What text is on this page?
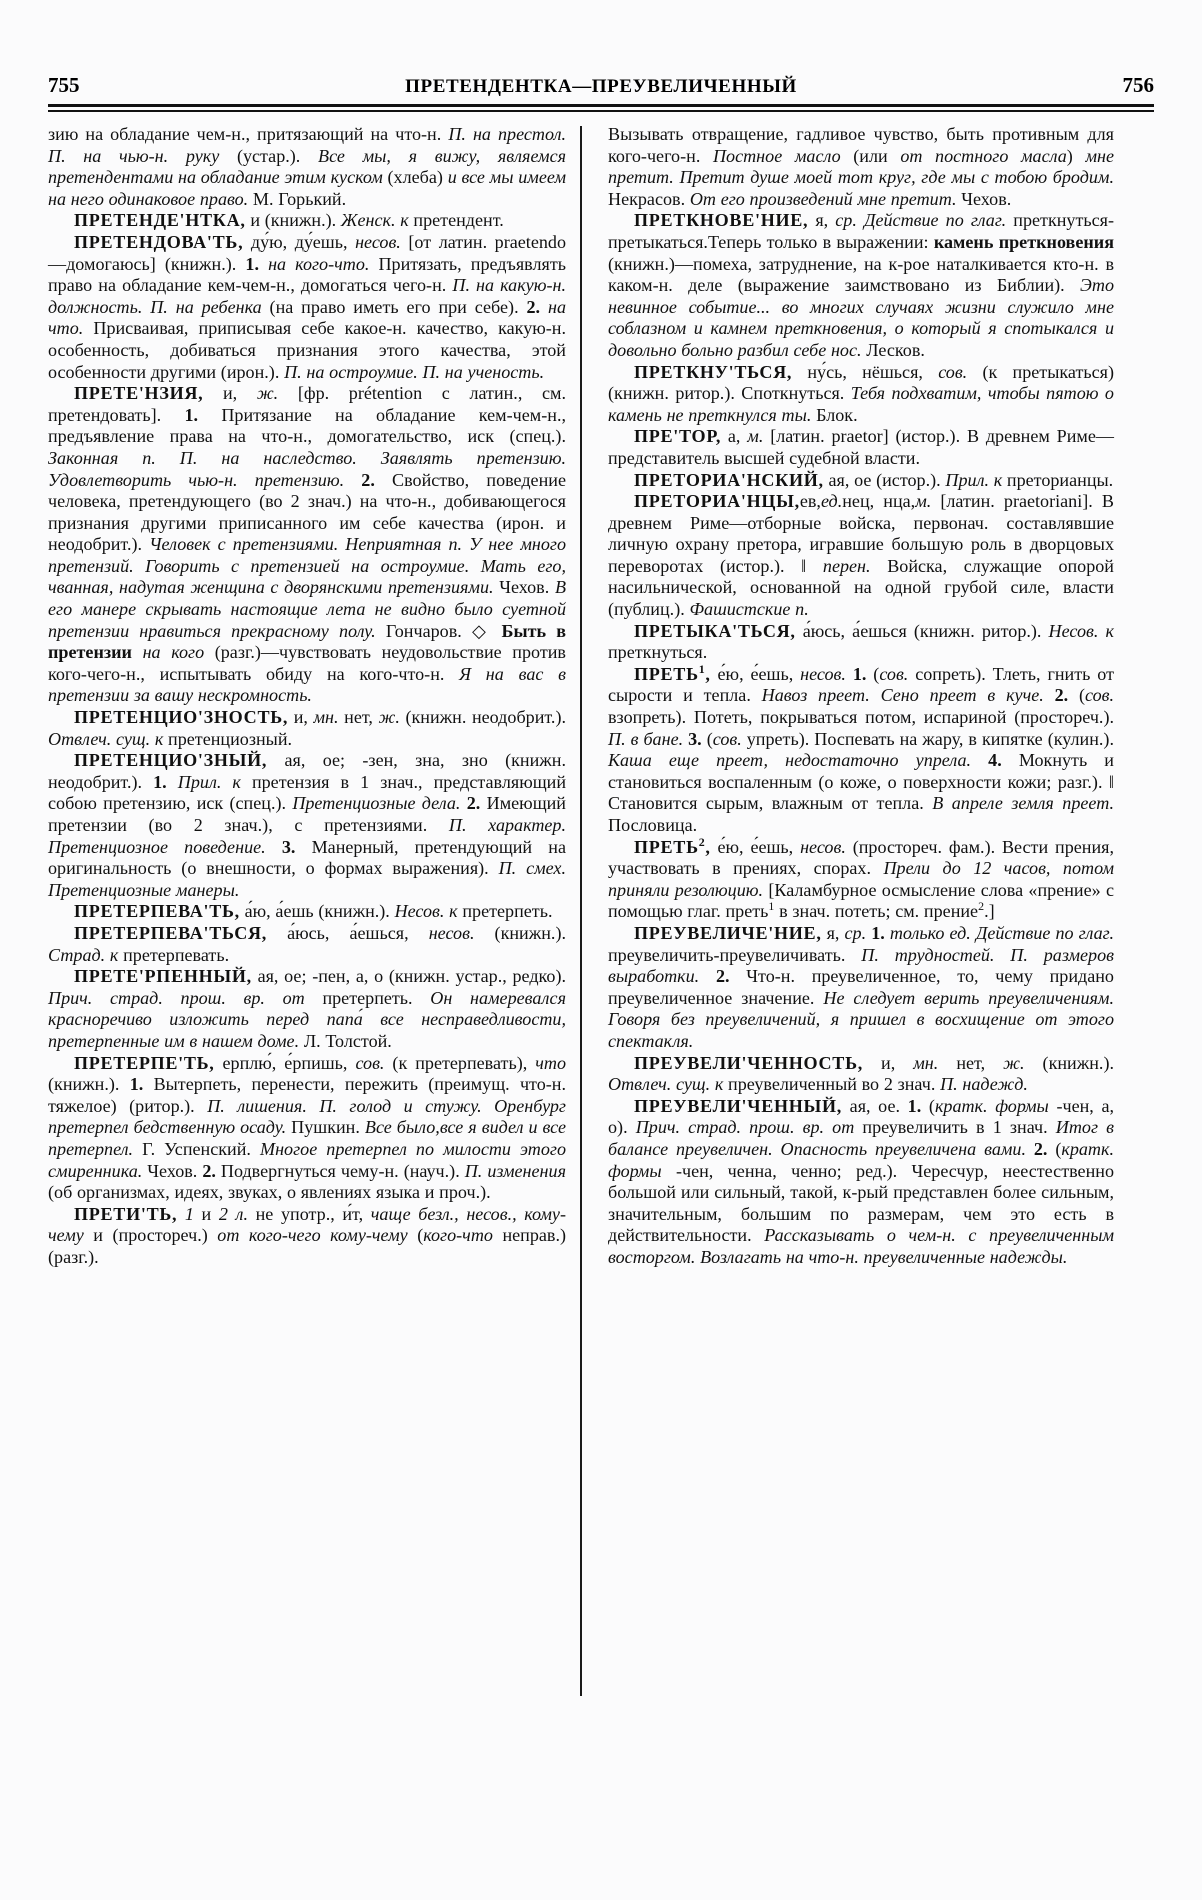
755	ПРЕТЕНДЕНТКА—ПРЕУВЕЛИЧЕННЫЙ	756

зию на обладание чем-н., притязающий на что-н. П. на престол. П. на чью-н. руку (устар.). Все мы, я вижу, являемся претендентами на обладание этим куском (хлеба) и все мы имеем на него одинаковое право. М. Горький.

ПРЕТЕНДЕ'НТКА, и (книжн.). Женск. к претендент.

ПРЕТЕНДОВА'ТЬ, ду́ю, ду́ешь, несов. [от латин. praetendo—домогаюсь] (книжн.). 1. на кого-что. Притязать, предъявлять право на обладание кем-чем-н., домогаться чего-н. П. на какую-н. должность. П. на ребенка (на право иметь его при себе). 2. на что. Присваивая, приписывая себе какое-н. качество, какую-н. особенность, добиваться признания этого качества, этой особенности другими (ирон.). П. на остроумие. П. на ученость.

ПРЕТЕ'НЗИЯ, и, ж. [фр. prétention с латин., см. претендовать]. 1. Притязание на обладание кем-чем-н., предъявление права на что-н., домогательство, иск (спец.). Законная п. П. на наследство. Заявлять претензию. Удовлетворить чью-н. претензию. 2. Свойство, поведение человека, претендующего (во 2 знач.) на что-н., добивающегося признания другими приписанного им себе качества (ирон. и неодобрит.). Человек с претензиями. Неприятная п. У нее много претензий. Говорить с претензией на остроумие. Мать его, чванная, надутая женщина с дворянскими претензиями. Чехов. В его манере скрывать настоящие лета не видно было суетной претензии нравиться прекрасному полу. Гончаров. ◇ Быть в претензии на кого (разг.)—чувствовать неудовольствие против кого-чего-н., испытывать обиду на кого-что-н. Я на вас в претензии за вашу нескромность.

ПРЕТЕНЦИО'ЗНОСТЬ, и, мн. нет, ж. (книжн. неодобрит.). Отвлеч. сущ. к претенциозный.

ПРЕТЕНЦИО'ЗНЫЙ, ая, ое; -зен, зна, зно (книжн. неодобрит.). 1. Прил. к претензия в 1 знач., представляющий собою претензию, иск (спец.). Претенциозные дела. 2. Имеющий претензии (во 2 знач.), с претензиями. П. характер. Претенциозное поведение. 3. Манерный, претендующий на оригинальность (о внешности, о формах выражения). П. смех. Претенциозные манеры.

ПРЕТЕРПЕВА'ТЬ, а́ю, а́ешь (книжн.). Несов. к претерпеть.

ПРЕТЕРПЕВА'ТЬСЯ, а́юсь, а́ешься, несов. (книжн.). Страд. к претерпевать.

ПРЕТЕ'РПЕННЫЙ, ая, ое; -пен, а, о (книжн. устар., редко). Прич. страд. прош. вр. от претерпеть. Он намеревался красноречиво изложить перед папа́ все несправедливости, претерпенные им в нашем доме. Л. Толстой.

ПРЕТЕРПЕ'ТЬ, ерплю́, е́рпишь, сов. (к претерпевать), что (книжн.). 1. Вытерпеть, перенести, пережить (преимущ. что-н. тяжелое) (ритор.). П. лишения. П. голод и стужу. Оренбург претерпел бедственную осаду. Пушкин. Все было,все я видел и все претерпел. Г. Успенский. Многое претерпел по милости этого смиренника. Чехов. 2. Подвергнуться чему-н. (науч.). П. изменения (об организмах, идеях, звуках, о явлениях языка и проч.).

ПРЕТИ'ТЬ, 1 и 2 л. не употр., и́т, чаще безл., несов., кому-чему и (простореч.) от кого-чего кому-чему (кого-что неправ.) (разг.).

Вызывать отвращение, гадливое чувство, быть противным для кого-чего-н. Постное масло (или от постного масла) мне претит. Претит душе моей тот круг, где мы с тобою бродим. Некрасов. От его произведений мне претит. Чехов.

ПРЕТКНОВЕ'НИЕ, я, ср. Действие по глаг. преткнуться-претыкаться.Теперь только в выражении: камень преткновения (книжн.)—помеха, затруднение, на к-рое наталкивается кто-н. в каком-н. деле (выражение заимствовано из Библии). Это невинное событие... во многих случаях жизни служило мне соблазном и камнем преткновения, о который я спотыкался и довольно больно разбил себе нос. Лесков.

ПРЕТКНУ'ТЬСЯ, ну́сь, нёшься, сов. (к претыкаться) (книжн. ритор.). Споткнуться. Тебя подхватим, чтобы пятою о камень не преткнулся ты. Блок.

ПРЕ'ТОР, а, м. [латин. praetor] (истор.). В древнем Риме—представитель высшей судебной власти.

ПРЕТОРИА'НСКИЙ, ая, ое (истор.). Прил. к преторианцы.

ПРЕТОРИА'НЦЫ,ев,ед.нец, нца,м. [латин. praetoriani]. В древнем Риме—отборные войска, первонач. составлявшие личную охрану претора, игравшие большую роль в дворцовых переворотах (истор.). ‖ перен. Войска, служащие опорой насильнической, основанной на одной грубой силе, власти (публиц.). Фашистские п.

ПРЕТЫКА'ТЬСЯ, а́юсь, а́ешься (книжн. ритор.). Несов. к преткнуться.

ПРЕТЬ$^1$, е́ю, е́ешь, несов. 1. (сов. сопреть). Тлеть, гнить от сырости и тепла. Навоз преет. Сено преет в куче. 2. (сов. взопреть). Потеть, покрываться потом, испариной (простореч.). П. в бане. 3. (сов. упреть). Поспевать на жару, в кипятке (кулин.). Каша еще преет, недостаточно упрела. 4. Мокнуть и становиться воспаленным (о коже, о поверхности кожи; разг.). ‖ Становится сырым, влажным от тепла. В апреле земля преет. Пословица.

ПРЕТЬ$^2$, е́ю, е́ешь, несов. (простореч. фам.). Вести прения, участвовать в прениях, спорах. Прели до 12 часов, потом приняли резолюцию. [Каламбурное осмысление слова «прение» с помощью глаг. преть$^1$ в знач. потеть; см. прение$^2$.]

ПРЕУВЕЛИЧЕ'НИЕ, я, ср. 1. только ед. Действие по глаг. преувеличить-преувеличивать. П. трудностей. П. размеров выработки. 2. Что-н. преувеличенное, то, чему придано преувеличенное значение. Не следует верить преувеличениям. Говоря без преувеличений, я пришел в восхищение от этого спектакля.

ПРЕУВЕЛИ'ЧЕННОСТЬ, и, мн. нет, ж. (книжн.). Отвлеч. сущ. к преувеличенный во 2 знач. П. надежд.

ПРЕУВЕЛИ'ЧЕННЫЙ, ая, ое. 1. (кратк. формы -чен, а, о). Прич. страд. прош. вр. от преувеличить в 1 знач. Итог в балансе преувеличен. Опасность преувеличена вами. 2. (кратк. формы -чен, ченна, ченно; ред.). Чересчур, неестественно большой или сильный, такой, к-рый представлен более сильным, значительным, большим по размерам, чем это есть в действительности. Рассказывать о чем-н. с преувеличенным восторгом. Возлагать на что-н. преувеличенные надежды.
